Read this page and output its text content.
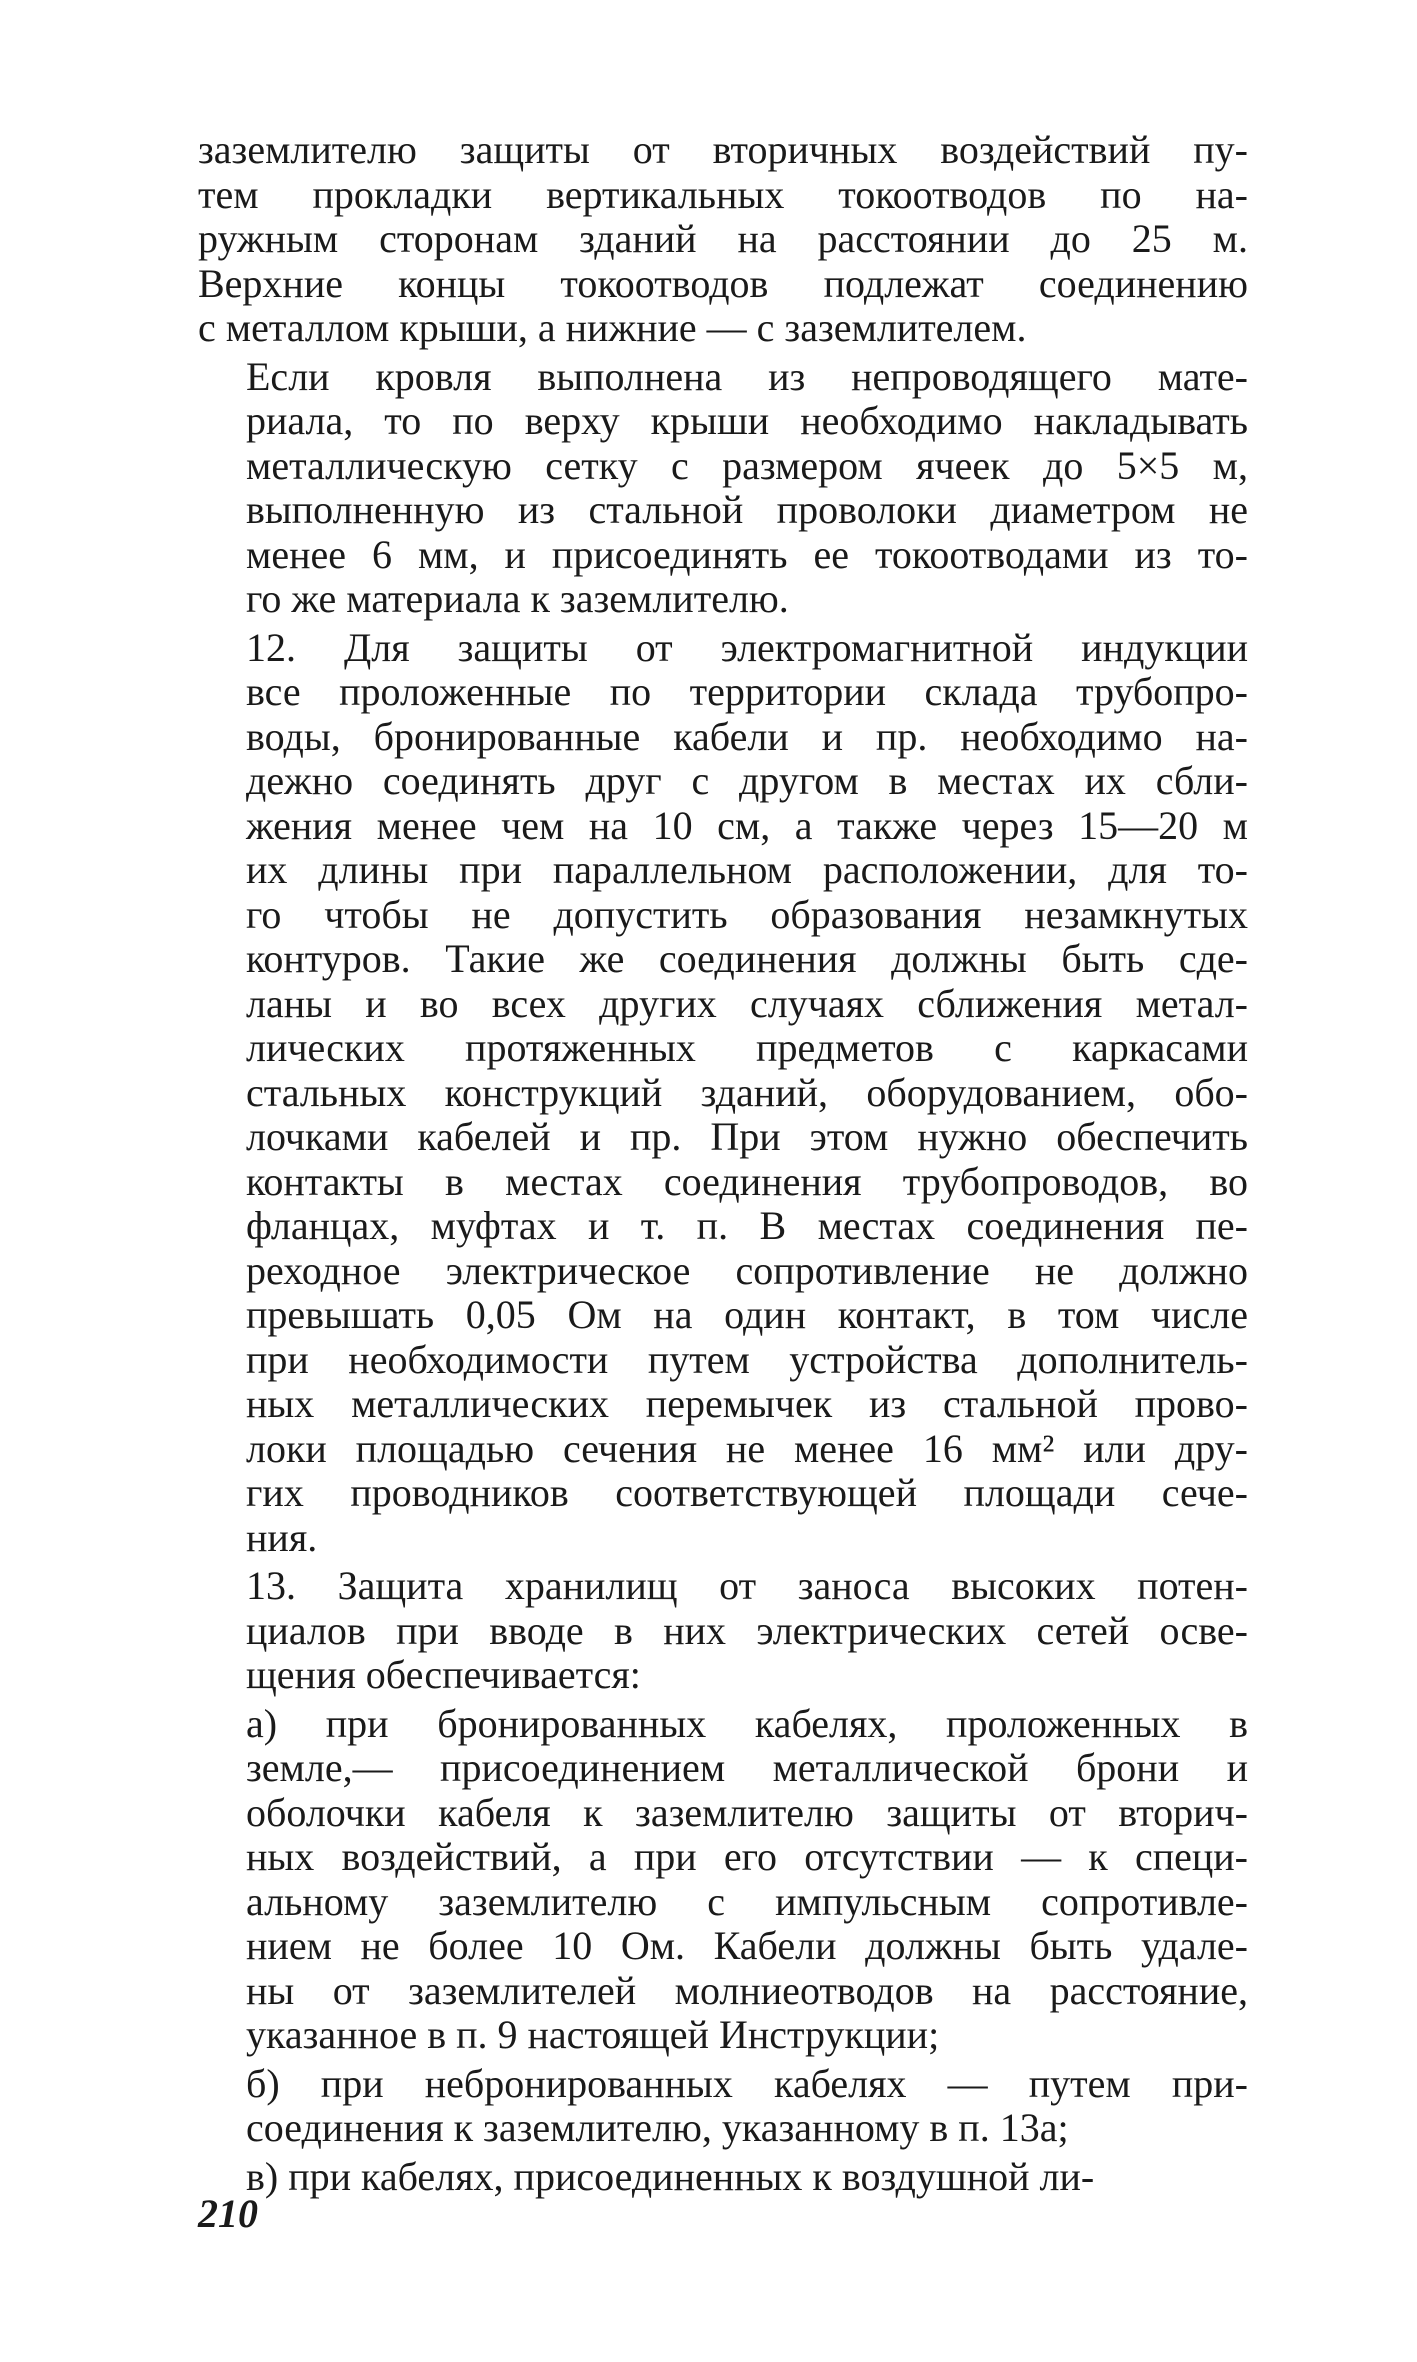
заземлителю защиты от вторичных воздействий пу-
тем прокладки вертикальных токоотводов по на-
ружным сторонам зданий на расстоянии до 25 м.
Верхние концы токоотводов подлежат соединению
с металлом крыши, а нижние — с заземлителем.
Если кровля выполнена из непроводящего мате-
риала, то по верху крыши необходимо накладывать
металлическую сетку с размером ячеек до 5×5 м,
выполненную из стальной проволоки диаметром не
менее 6 мм, и присоединять ее токоотводами из то-
го же материала к заземлителю.
12. Для защиты от электромагнитной индукции
все проложенные по территории склада трубопро-
воды, бронированные кабели и пр. необходимо на-
дежно соединять друг с другом в местах их сбли-
жения менее чем на 10 см, а также через 15—20 м
их длины при параллельном расположении, для то-
го чтобы не допустить образования незамкнутых
контуров. Такие же соединения должны быть сде-
ланы и во всех других случаях сближения метал-
лических протяженных предметов с каркасами
стальных конструкций зданий, оборудованием, обо-
лочками кабелей и пр. При этом нужно обеспечить
контакты в местах соединения трубопроводов, во
фланцах, муфтах и т. п. В местах соединения пе-
реходное электрическое сопротивление не должно
превышать 0,05 Ом на один контакт, в том числе
при необходимости путем устройства дополнитель-
ных металлических перемычек из стальной прово-
локи площадью сечения не менее 16 мм² или дру-
гих проводников соответствующей площади сече-
ния.
13. Защита хранилищ от заноса высоких потен-
циалов при вводе в них электрических сетей осве-
щения обеспечивается:
а) при бронированных кабелях, проложенных в
земле,— присоединением металлической брони и
оболочки кабеля к заземлителю защиты от вторич-
ных воздействий, а при его отсутствии — к специ-
альному заземлителю с импульсным сопротивле-
нием не более 10 Ом. Кабели должны быть удале-
ны от заземлителей молниеотводов на расстояние,
указанное в п. 9 настоящей Инструкции;
б) при небронированных кабелях — путем при-
соединения к заземлителю, указанному в п. 13а;
в) при кабелях, присоединенных к воздушной ли-
210
